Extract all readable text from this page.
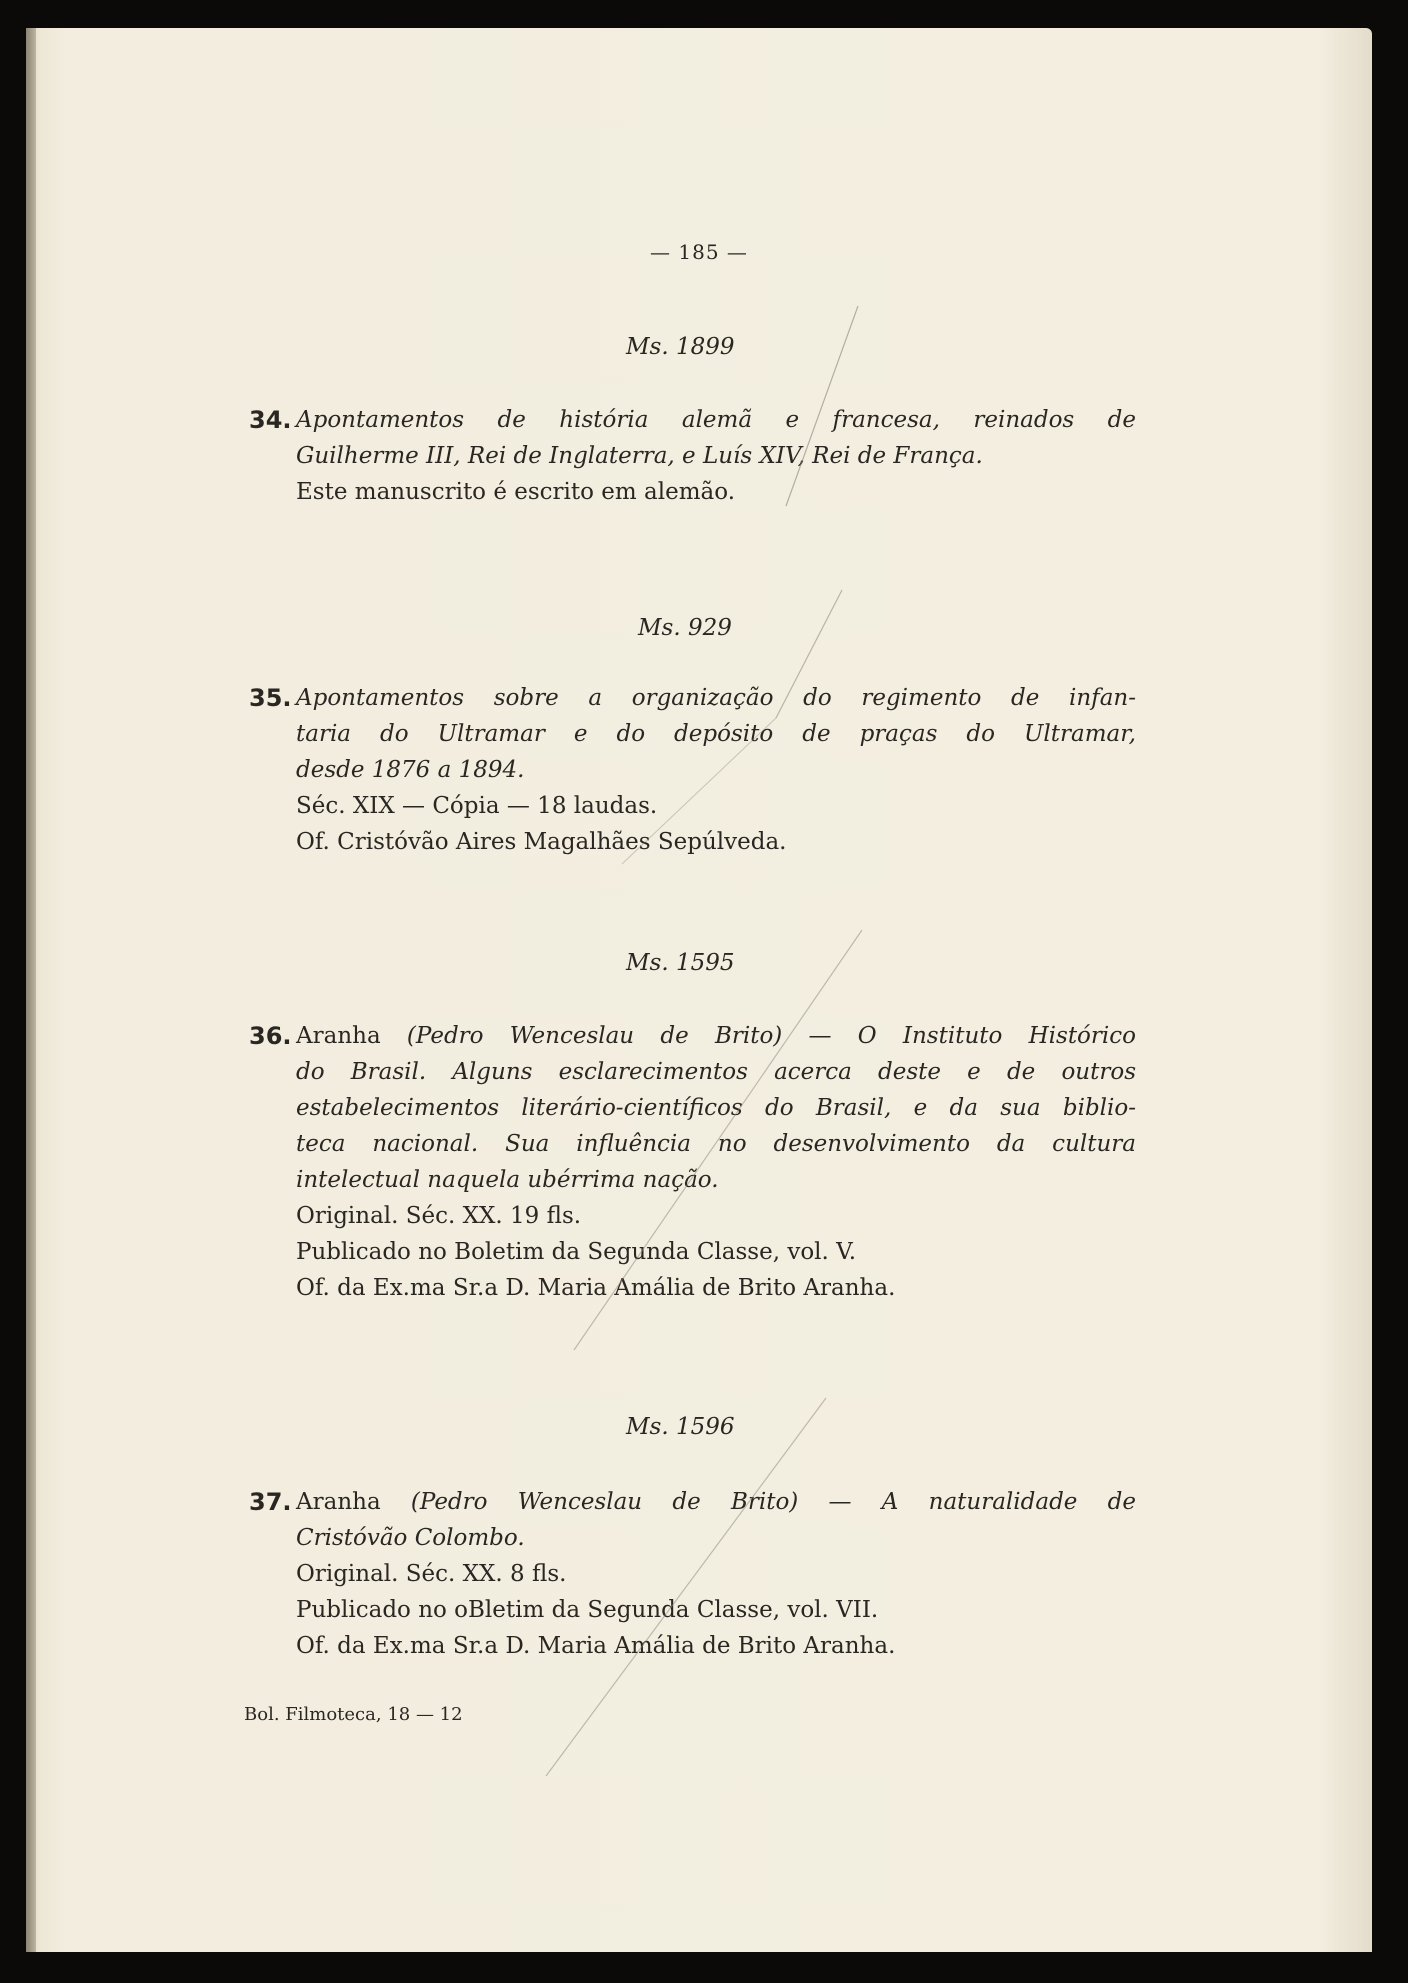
— 185 —
Ms. 1899
34. Apontamentos de história alemã e francesa, reinados de
Guilherme III, Rei de Inglaterra, e Luís XIV, Rei de França.
Este manuscrito é escrito em alemão.
Ms. 929
35. Apontamentos sobre a organização do regimento de infan-
taria do Ultramar e do depósito de praças do Ultramar,
desde 1876 a 1894.
Séc. XIX — Cópia — 18 laudas.
Of. Cristóvão Aires Magalhães Sepúlveda.
Ms. 1595
36. Aranha (Pedro Wenceslau de Brito) — O Instituto Histórico
do Brasil. Alguns esclarecimentos acerca deste e de outros
estabelecimentos literário-científicos do Brasil, e da sua biblio-
teca nacional. Sua influência no desenvolvimento da cultura
intelectual naquela ubérrima nação.
Original. Séc. XX. 19 fls.
Publicado no Boletim da Segunda Classe, vol. V.
Of. da Ex.ma Sr.a D. Maria Amália de Brito Aranha.
Ms. 1596
37. Aranha (Pedro Wenceslau de Brito) — A naturalidade de
Cristóvão Colombo.
Original. Séc. XX. 8 fls.
Publicado no oBletim da Segunda Classe, vol. VII.
Of. da Ex.ma Sr.a D. Maria Amália de Brito Aranha.
Bol. Filmoteca, 18 — 12
